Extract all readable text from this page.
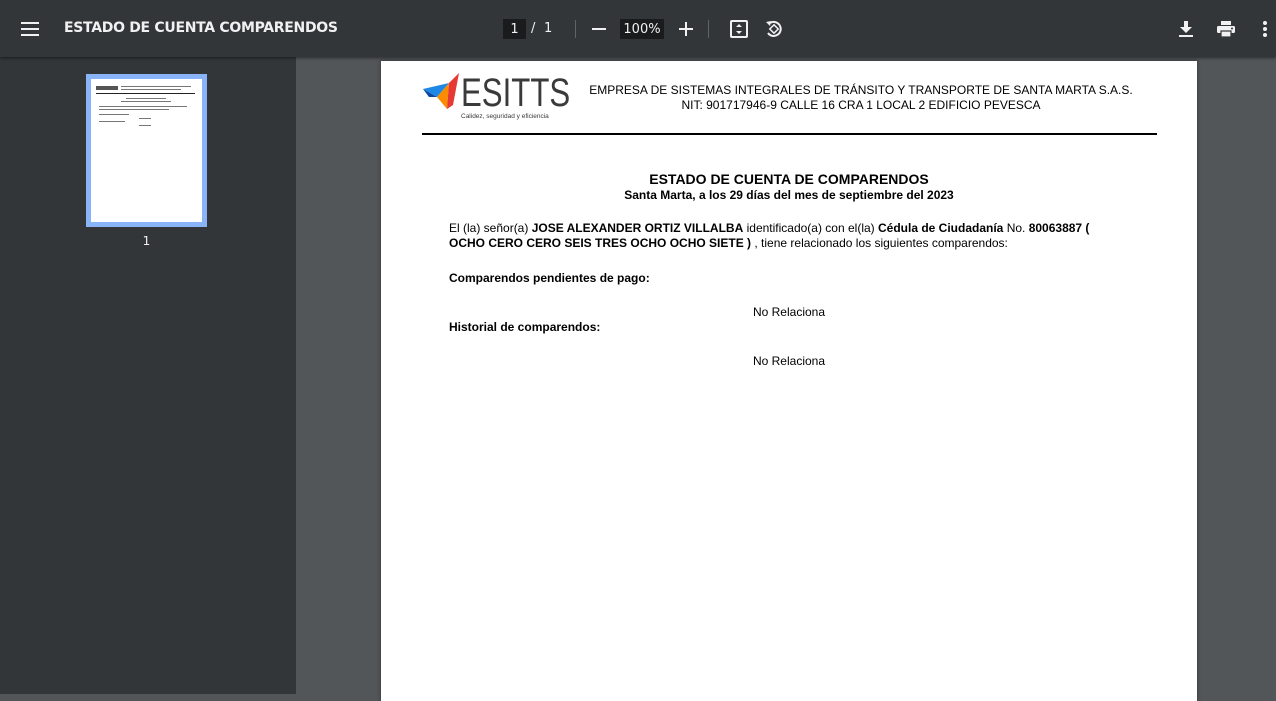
ESTADO DE CUENTA COMPARENDOS
1	/ 1
100%
1
ESITTS
Calidez, seguridad y eficiencia
EMPRESA DE SISTEMAS INTEGRALES DE TRÁNSITO Y TRANSPORTE DE SANTA MARTA S.A.S.
NIT: 901717946-9 CALLE 16 CRA 1 LOCAL 2 EDIFICIO PEVESCA
ESTADO DE CUENTA DE COMPARENDOS
Santa Marta, a los 29 días del mes de septiembre del 2023
El (la) señor(a) JOSE ALEXANDER ORTIZ VILLALBA identificado(a) con el(la) Cédula de Ciudadanía No. 80063887 ( OCHO CERO CERO SEIS TRES OCHO OCHO SIETE ) , tiene relacionado los siguientes comparendos:
Comparendos pendientes de pago:
No Relaciona
Historial de comparendos:
No Relaciona
